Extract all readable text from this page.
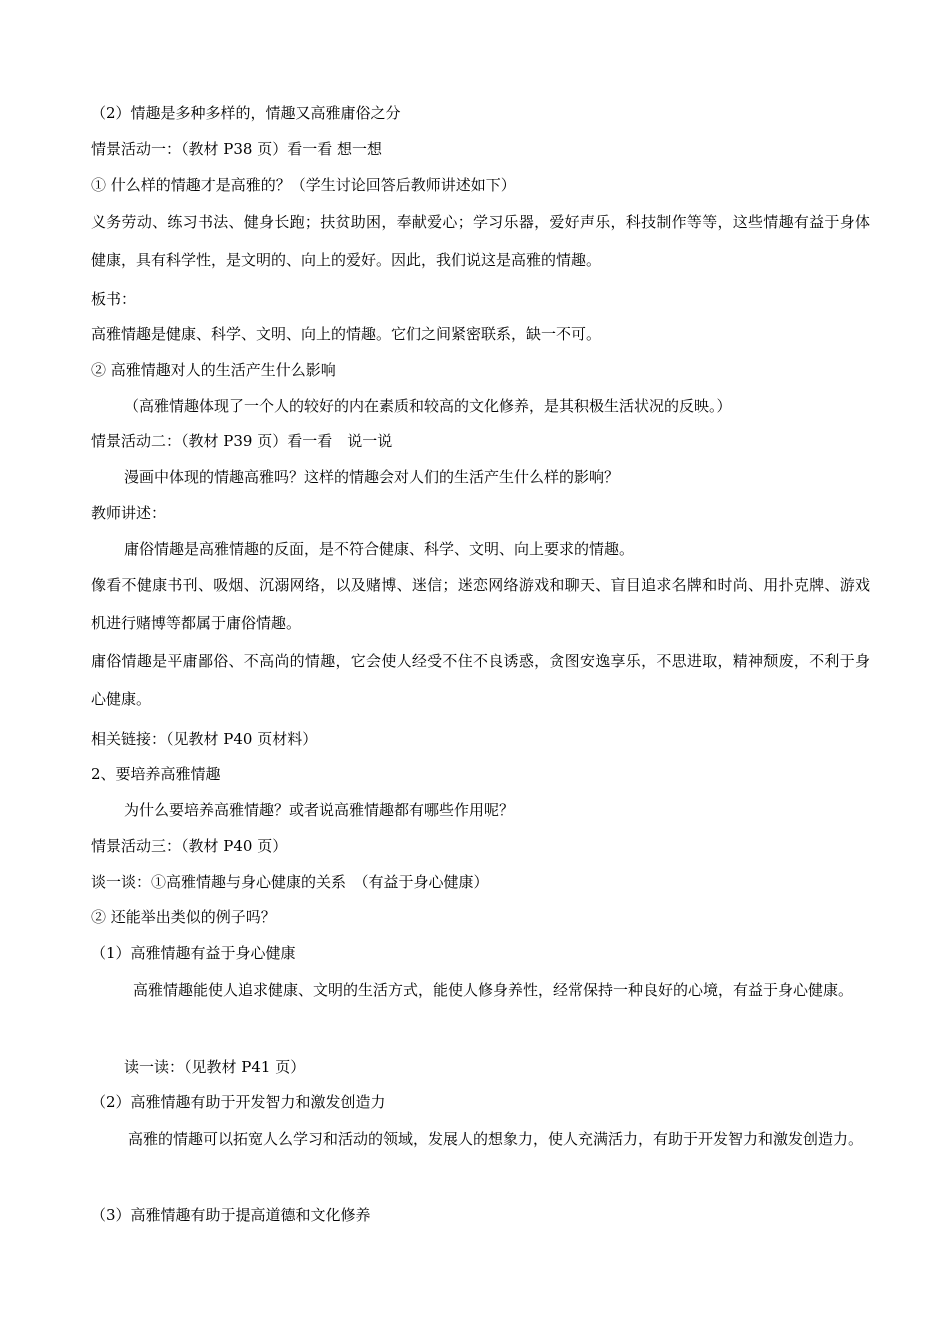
（2）情趣是多种多样的，情趣又高雅庸俗之分

情景活动一：（教材 P38 页）看一看 想一想

① 什么样的情趣才是高雅的？（学生讨论回答后教师讲述如下）

义务劳动、练习书法、健身长跑；扶贫助困，奉献爱心；学习乐器，爱好声乐，科技制作等等，这些情趣有益于身体健康，具有科学性，是文明的、向上的爱好。因此，我们说这是高雅的情趣。

板书：

高雅情趣是健康、科学、文明、向上的情趣。它们之间紧密联系，缺一不可。

② 高雅情趣对人的生活产生什么影响

（高雅情趣体现了一个人的较好的内在素质和较高的文化修养，是其积极生活状况的反映。）

情景活动二：（教材 P39 页）看一看　说一说

漫画中体现的情趣高雅吗？这样的情趣会对人们的生活产生什么样的影响？

教师讲述：

庸俗情趣是高雅情趣的反面，是不符合健康、科学、文明、向上要求的情趣。

像看不健康书刊、吸烟、沉溺网络，以及赌博、迷信；迷恋网络游戏和聊天、盲目追求名牌和时尚、用扑克牌、游戏机进行赌博等都属于庸俗情趣。

庸俗情趣是平庸鄙俗、不高尚的情趣，它会使人经受不住不良诱惑，贪图安逸享乐，不思进取，精神颓废，不利于身心健康。

相关链接：（见教材 P40 页材料）

2、要培养高雅情趣

为什么要培养高雅情趣？或者说高雅情趣都有哪些作用呢？

情景活动三：（教材 P40 页）

谈一谈：①高雅情趣与身心健康的关系　（有益于身心健康）

② 还能举出类似的例子吗？

（1）高雅情趣有益于身心健康

高雅情趣能使人追求健康、文明的生活方式，能使人修身养性，经常保持一种良好的心境，有益于身心健康。

读一读：（见教材 P41 页）

（2）高雅情趣有助于开发智力和激发创造力

高雅的情趣可以拓宽人么学习和活动的领域，发展人的想象力，使人充满活力，有助于开发智力和激发创造力。

（3）高雅情趣有助于提高道德和文化修养
